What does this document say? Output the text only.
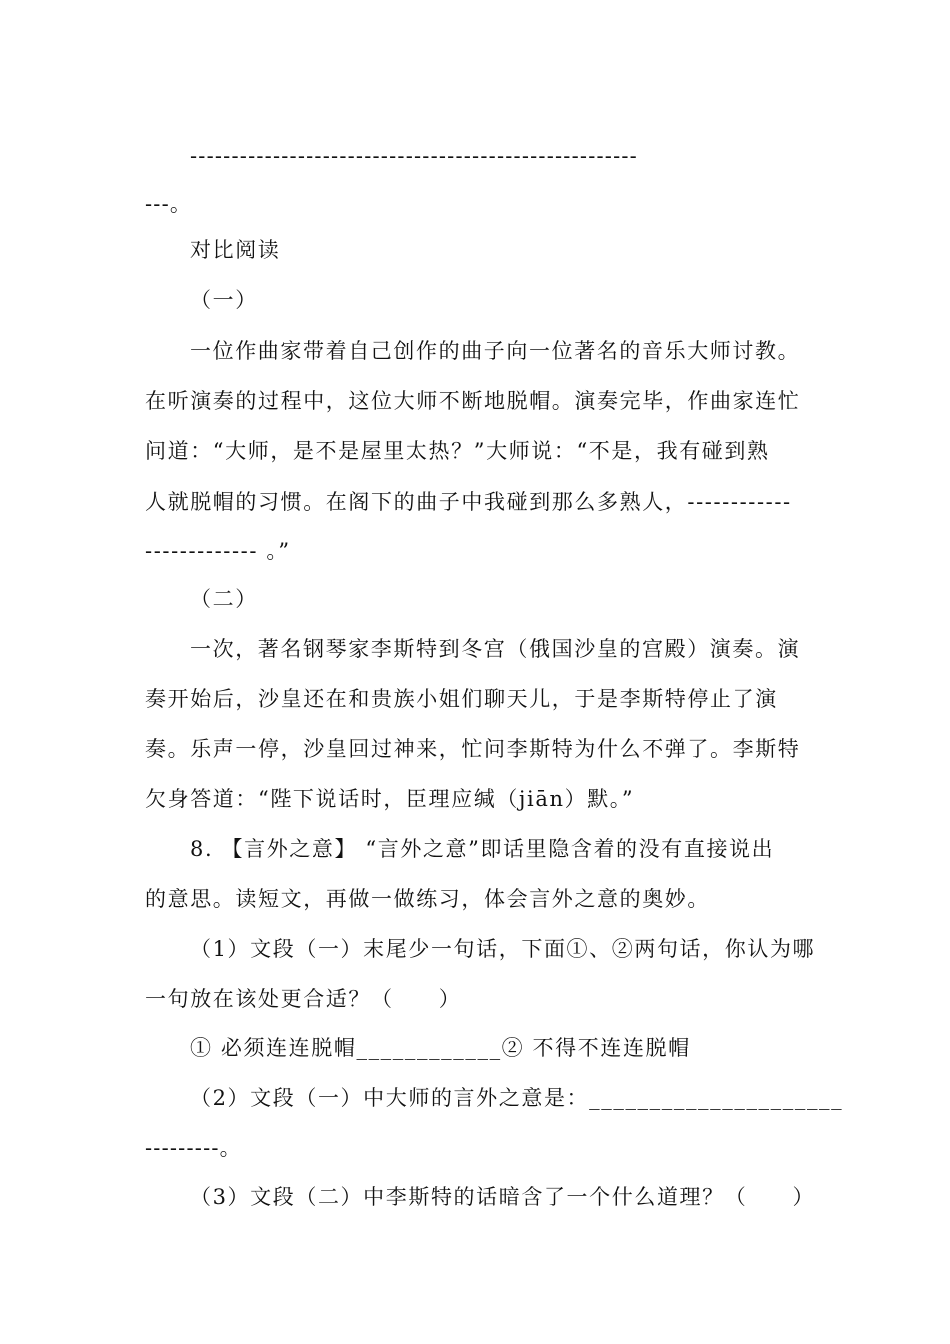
------------------------------------------------------
---。
对比阅读
（一）
一位作曲家带着自己创作的曲子向一位著名的音乐大师讨教。
在听演奏的过程中，这位大师不断地脱帽。演奏完毕，作曲家连忙
问道：“大师，是不是屋里太热？”大师说：“不是，我有碰到熟
人就脱帽的习惯。在阁下的曲子中我碰到那么多熟人，------------
------------- 。”
（二）
一次，著名钢琴家李斯特到冬宫（俄国沙皇的宫殿）演奏。演
奏开始后，沙皇还在和贵族小姐们聊天儿，于是李斯特停止了演
奏。乐声一停，沙皇回过神来，忙问李斯特为什么不弹了。李斯特
欠身答道：“陛下说话时，臣理应缄（jiān）默。”
8. 【言外之意】 “言外之意”即话里隐含着的没有直接说出
的意思。读短文，再做一做练习，体会言外之意的奥妙。
（1）文段（一）末尾少一句话，下面①、②两句话，你认为哪
一句放在该处更合适？（　　）
① 必须连连脱帽____________② 不得不连连脱帽
（2）文段（一）中大师的言外之意是：_____________________
---------。
（3）文段（二）中李斯特的话暗含了一个什么道理？（　　）
